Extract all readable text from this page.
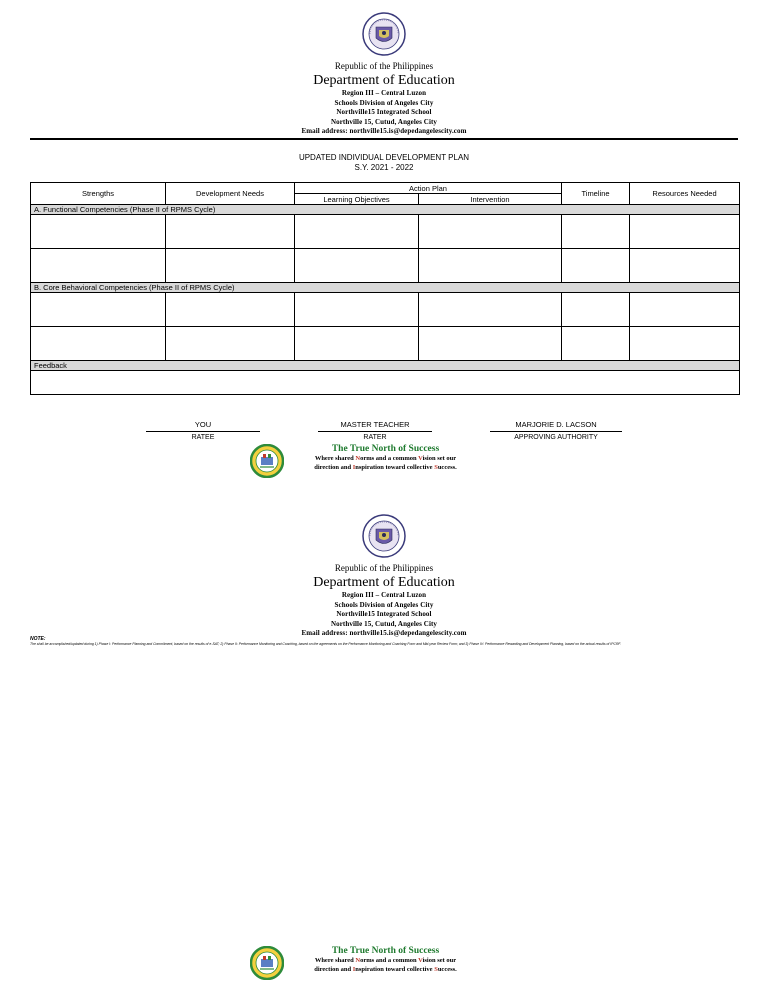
Republic of the Philippines
Department of Education
Region III – Central Luzon
Schools Division of Angeles City
Northville15 Integrated School
Northville 15, Cutud, Angeles City
Email address: northville15.is@depedangelescity.com
UPDATED INDIVIDUAL DEVELOPMENT PLAN
S.Y. 2021 - 2022
Strengths	Development Needs	Action Plan		Timeline	Resources Needed
		Learning Objectives	Intervention		
A. Functional Competencies (Phase II of RPMS Cycle)					

B. Core Behavioral Competencies (Phase II of RPMS Cycle)					

Feedback					

YOU
RATEE
MASTER TEACHER
RATER
MARJORIE D. LACSON
APPROVING AUTHORITY
The True North of Success
Where shared Norms and a common Vision set our
direction and Inspiration toward collective Success.
Republic of the Philippines
Department of Education
Region III – Central Luzon
Schools Division of Angeles City
Northville15 Integrated School
Northville 15, Cutud, Angeles City
Email address: northville15.is@depedangelescity.com
NOTE:
The shall be accomplished/updated during 1) Phase I: Performance Planning and Commitment, based on the results of e-SAT; 2) Phase II: Performance Monitoring and Coaching, based on the agreements on the Performance Monitoring and Coaching Form and Mid-year Review Form; and 3) Phase IV: Performance Rewarding and Development Planning, based on the actual results of IPCRF.
The True North of Success
Where shared Norms and a common Vision set our
direction and Inspiration toward collective Success.
